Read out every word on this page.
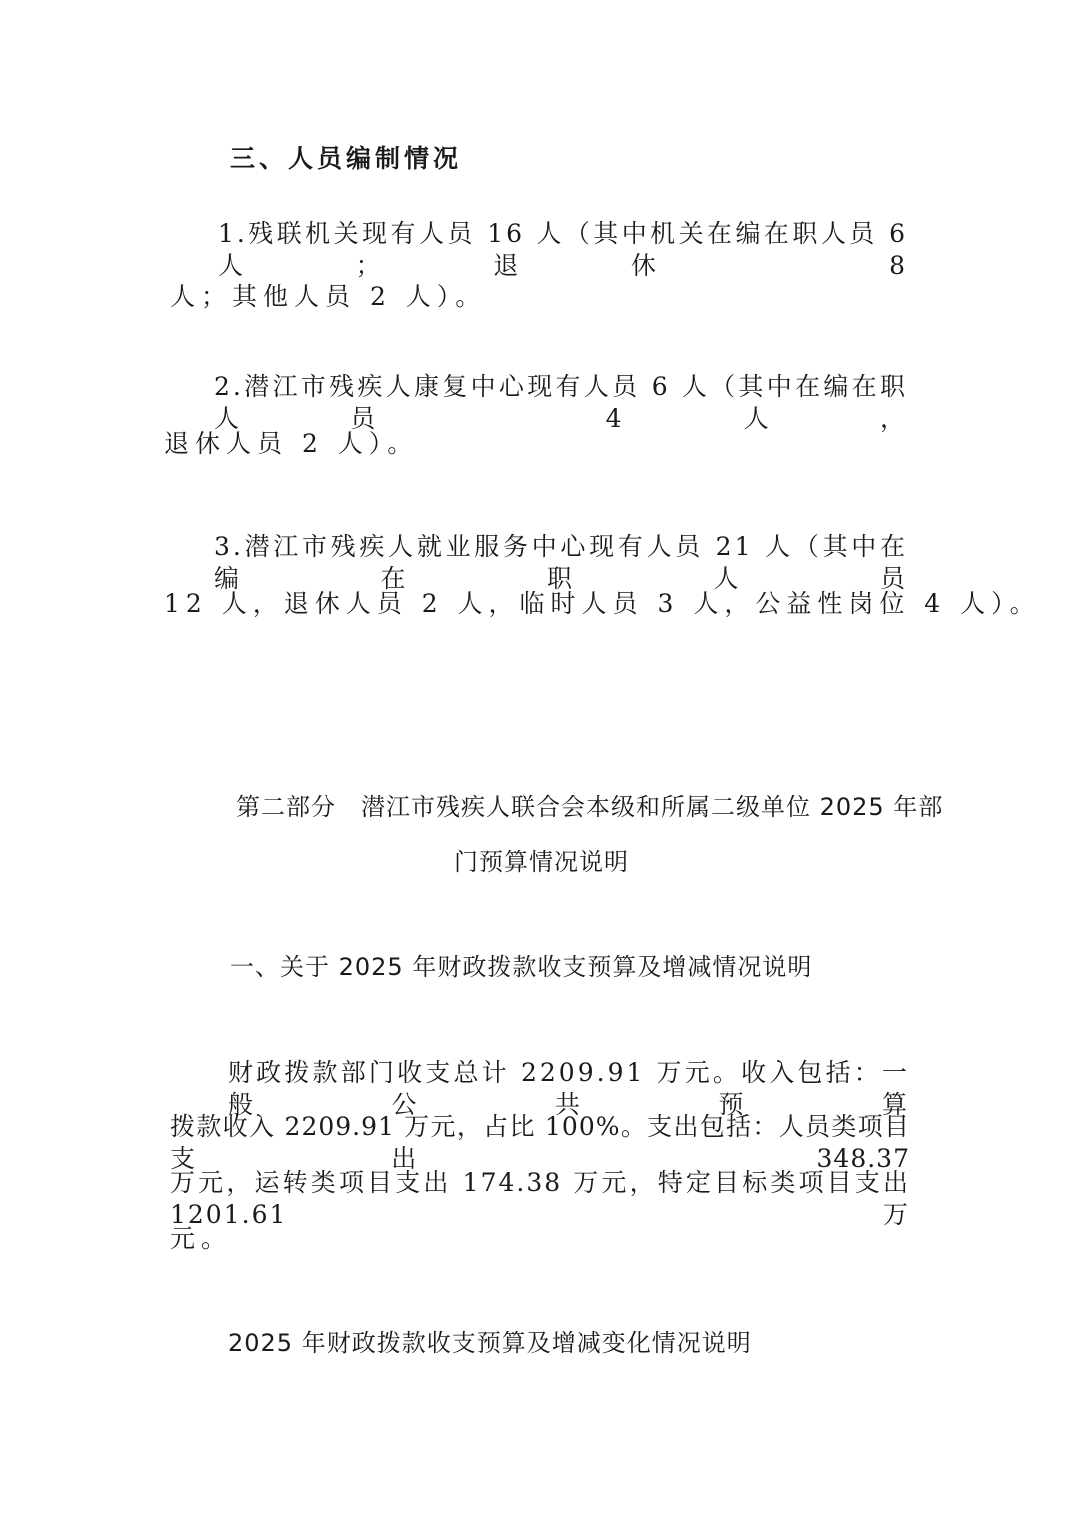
三、人员编制情况
1.残联机关现有人员 16 人（其中机关在编在职人员 6 人；退休 8
人；其他人员 2 人）。
2.潜江市残疾人康复中心现有人员 6 人（其中在编在职人员 4 人，
退休人员 2 人）。
3.潜江市残疾人就业服务中心现有人员 21 人（其中在编在职人员
12 人，退休人员 2 人，临时人员 3 人，公益性岗位 4 人）。
第二部分　潜江市残疾人联合会本级和所属二级单位 2025 年部
门预算情况说明
一、关于 2025 年财政拨款收支预算及增减情况说明
财政拨款部门收支总计 2209.91 万元。收入包括：一般公共预算
拨款收入 2209.91 万元，占比 100%。支出包括：人员类项目支出 348.37
万元，运转类项目支出 174.38 万元，特定目标类项目支出 1201.61 万
元。
2025 年财政拨款收支预算及增减变化情况说明
